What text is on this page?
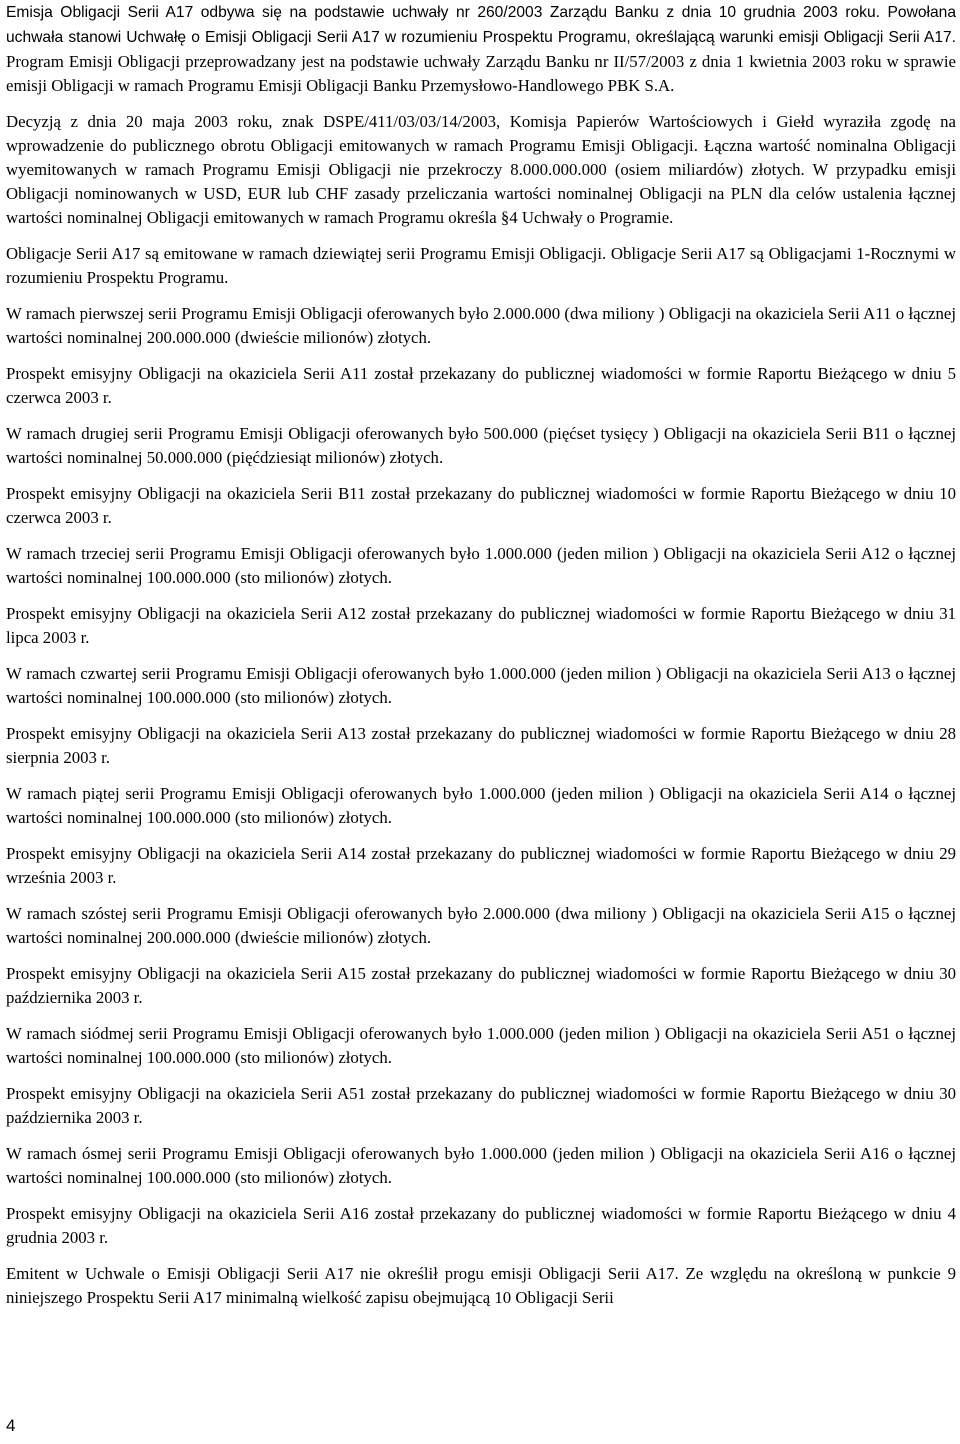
Emisja Obligacji Serii A17 odbywa się na podstawie uchwały nr 260/2003 Zarządu Banku z dnia 10 grudnia 2003 roku. Powołana uchwała stanowi Uchwałę o Emisji Obligacji Serii A17 w rozumieniu Prospektu Programu, określającą warunki emisji Obligacji Serii A17. Program Emisji Obligacji przeprowadzany jest na podstawie uchwały Zarządu Banku nr II/57/2003 z dnia 1 kwietnia 2003 roku w sprawie emisji Obligacji w ramach Programu Emisji Obligacji Banku Przemysłowo-Handlowego PBK S.A.

Decyzją z dnia 20 maja 2003 roku, znak DSPE/411/03/03/14/2003, Komisja Papierów Wartościowych i Giełd wyraziła zgodę na wprowadzenie do publicznego obrotu Obligacji emitowanych w ramach Programu Emisji Obligacji. Łączna wartość nominalna Obligacji wyemitowanych w ramach Programu Emisji Obligacji nie przekroczy 8.000.000.000 (osiem miliardów) złotych. W przypadku emisji Obligacji nominowanych w USD, EUR lub CHF zasady przeliczania wartości nominalnej Obligacji na PLN dla celów ustalenia łącznej wartości nominalnej Obligacji emitowanych w ramach Programu określa §4 Uchwały o Programie.

Obligacje Serii A17 są emitowane w ramach dziewiątej serii Programu Emisji Obligacji. Obligacje Serii A17 są Obligacjami 1-Rocznymi w rozumieniu Prospektu Programu.

W ramach pierwszej serii Programu Emisji Obligacji oferowanych było 2.000.000 (dwa miliony ) Obligacji na okaziciela Serii A11 o łącznej wartości nominalnej 200.000.000 (dwieście milionów) złotych.

Prospekt emisyjny Obligacji na okaziciela Serii A11 został przekazany do publicznej wiadomości w formie Raportu Bieżącego w dniu 5 czerwca 2003 r.

W ramach drugiej serii Programu Emisji Obligacji oferowanych było 500.000 (pięćset tysięcy ) Obligacji na okaziciela Serii B11 o łącznej wartości nominalnej 50.000.000 (pięćdziesiąt milionów) złotych.

Prospekt emisyjny Obligacji na okaziciela Serii B11 został przekazany do publicznej wiadomości w formie Raportu Bieżącego w dniu 10 czerwca 2003 r.

W ramach trzeciej serii Programu Emisji Obligacji oferowanych było 1.000.000 (jeden milion ) Obligacji na okaziciela Serii A12 o łącznej wartości nominalnej 100.000.000 (sto milionów) złotych.

Prospekt emisyjny Obligacji na okaziciela Serii A12 został przekazany do publicznej wiadomości w formie Raportu Bieżącego w dniu 31 lipca 2003 r.

W ramach czwartej serii Programu Emisji Obligacji oferowanych było 1.000.000 (jeden milion ) Obligacji na okaziciela Serii A13 o łącznej wartości nominalnej 100.000.000 (sto milionów) złotych.

Prospekt emisyjny Obligacji na okaziciela Serii A13 został przekazany do publicznej wiadomości w formie Raportu Bieżącego w dniu 28 sierpnia 2003 r.

W ramach piątej serii Programu Emisji Obligacji oferowanych było 1.000.000 (jeden milion ) Obligacji na okaziciela Serii A14 o łącznej wartości nominalnej 100.000.000 (sto milionów) złotych.

Prospekt emisyjny Obligacji na okaziciela Serii A14 został przekazany do publicznej wiadomości w formie Raportu Bieżącego w dniu 29 września 2003 r.

W ramach szóstej serii Programu Emisji Obligacji oferowanych było 2.000.000 (dwa miliony ) Obligacji na okaziciela Serii A15 o łącznej wartości nominalnej 200.000.000 (dwieście milionów) złotych.

Prospekt emisyjny Obligacji na okaziciela Serii A15 został przekazany do publicznej wiadomości w formie Raportu Bieżącego w dniu 30 października 2003 r.

W ramach siódmej serii Programu Emisji Obligacji oferowanych było 1.000.000 (jeden milion ) Obligacji na okaziciela Serii A51 o łącznej wartości nominalnej 100.000.000 (sto milionów) złotych.

Prospekt emisyjny Obligacji na okaziciela Serii A51 został przekazany do publicznej wiadomości w formie Raportu Bieżącego w dniu 30 października 2003 r.

W ramach ósmej serii Programu Emisji Obligacji oferowanych było 1.000.000 (jeden milion ) Obligacji na okaziciela Serii A16 o łącznej wartości nominalnej 100.000.000 (sto milionów) złotych.

Prospekt emisyjny Obligacji na okaziciela Serii A16 został przekazany do publicznej wiadomości w formie Raportu Bieżącego w dniu 4 grudnia 2003 r.

Emitent w Uchwale o Emisji Obligacji Serii A17 nie określił progu emisji Obligacji Serii A17. Ze względu na określoną w punkcie 9 niniejszego Prospektu Serii A17 minimalną wielkość zapisu obejmującą 10 Obligacji Serii

4
